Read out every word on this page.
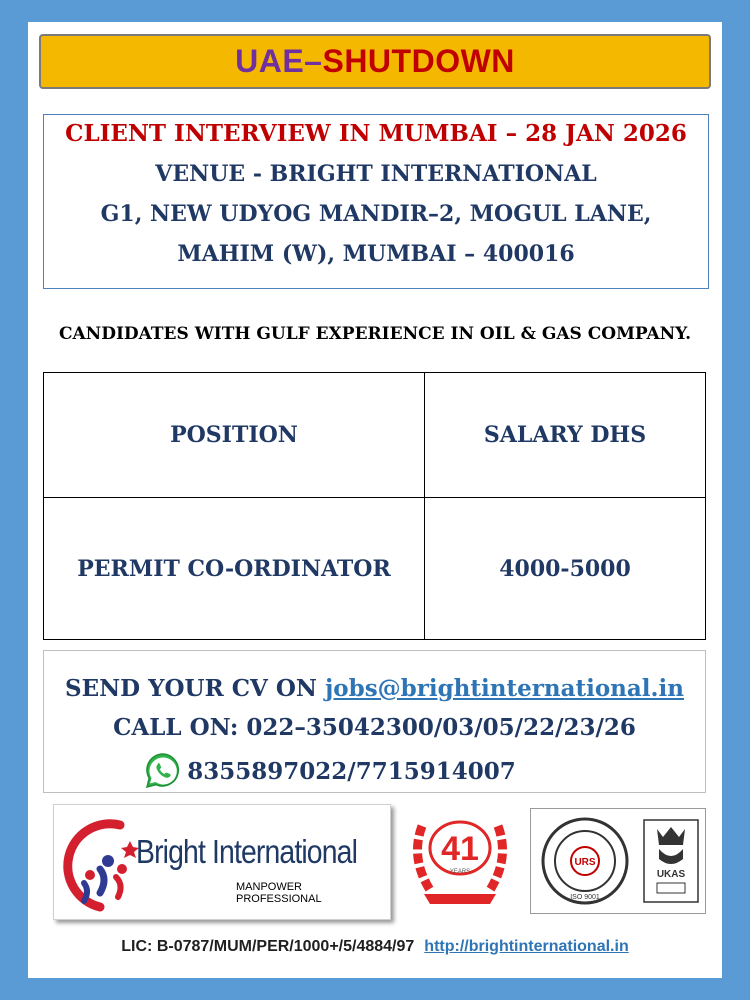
UAE– SHUTDOWN
CLIENT INTERVIEW IN MUMBAI – 28 JAN 2026
VENUE - BRIGHT INTERNATIONAL
G1, NEW UDYOG MANDIR–2, MOGUL LANE,
MAHIM (W), MUMBAI – 400016
CANDIDATES WITH GULF EXPERIENCE IN OIL & GAS COMPANY.
POSITION	SALARY DHS
PERMIT CO-ORDINATOR	4000-5000
SEND YOUR CV ON jobs@brightinternational.in
CALL ON: 022–35042300/03/05/22/23/26
8355897022/7715914007
Bright International
MANPOWER PROFESSIONAL
41
YEARS
URS
ISO 9001
UKAS
LIC: B-0787/MUM/PER/1000+/5/4884/97 http://brightinternational.in
